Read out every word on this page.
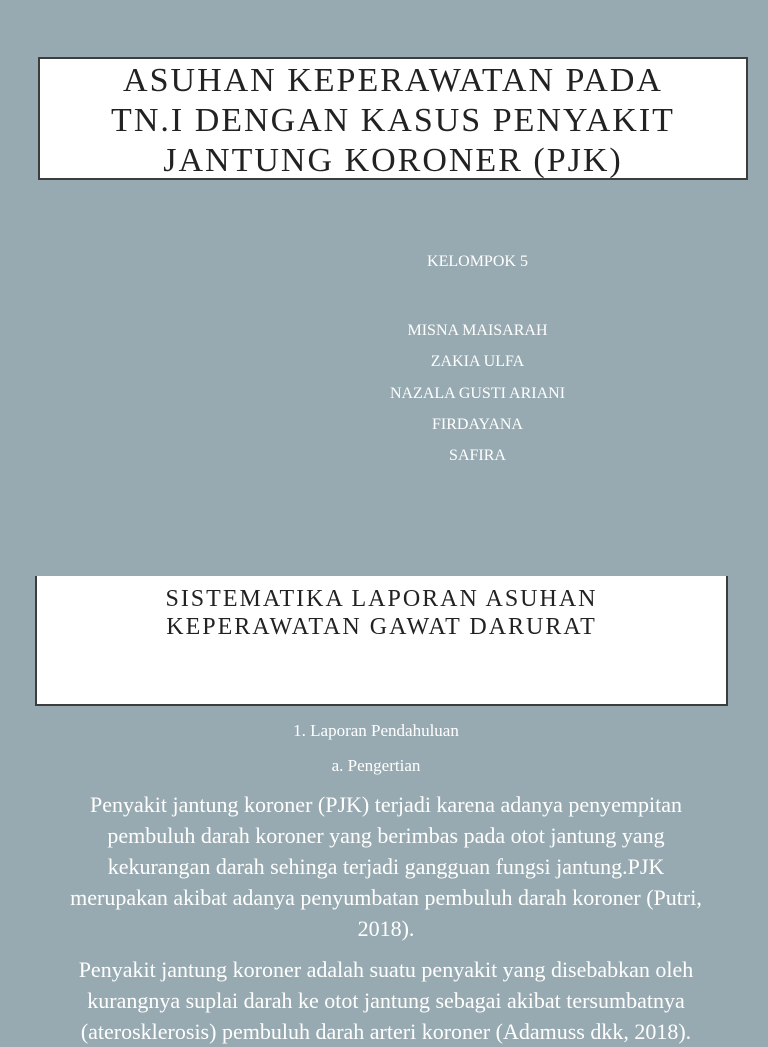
ASUHAN KEPERAWATAN PADA
TN.I DENGAN KASUS PENYAKIT
JANTUNG KORONER (PJK)
KELOMPOK 5
MISNA MAISARAH
ZAKIA ULFA
NAZALA GUSTI ARIANI
FIRDAYANA
SAFIRA
SISTEMATIKA LAPORAN ASUHAN
KEPERAWATAN GAWAT DARURAT
1. Laporan Pendahuluan
a. Pengertian
Penyakit jantung koroner (PJK) terjadi karena adanya penyempitan
pembuluh darah koroner yang berimbas pada otot jantung yang
kekurangan darah sehinga terjadi gangguan fungsi jantung.PJK
merupakan akibat adanya penyumbatan pembuluh darah koroner (Putri,
2018).
Penyakit jantung koroner adalah suatu penyakit yang disebabkan oleh
kurangnya suplai darah ke otot jantung sebagai akibat tersumbatnya
(aterosklerosis) pembuluh darah arteri koroner (Adamuss dkk, 2018).
